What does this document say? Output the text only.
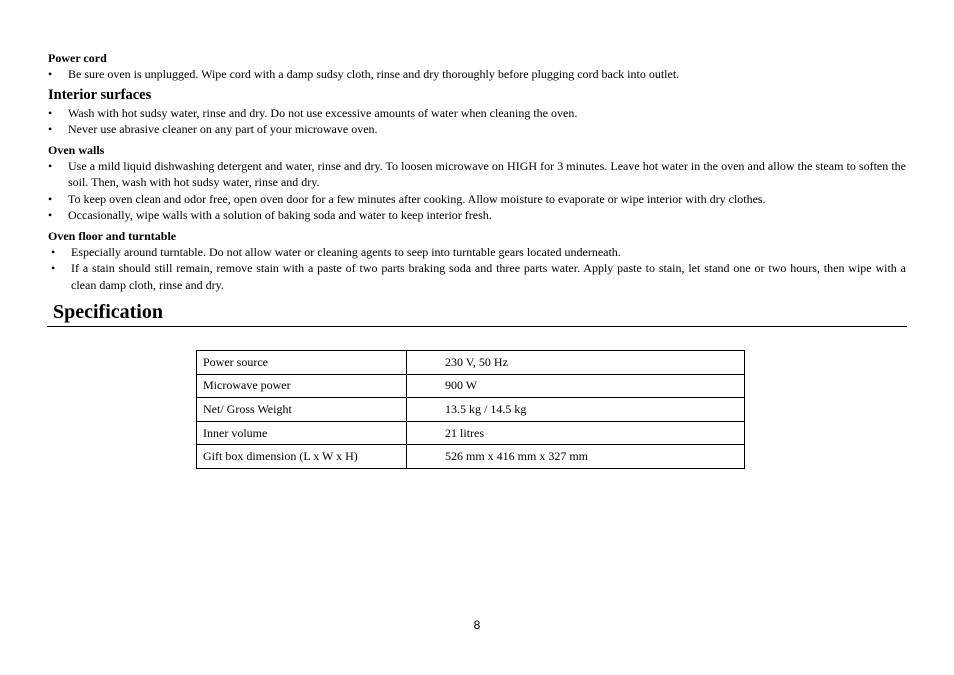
Power cord

• Be sure oven is unplugged. Wipe cord with a damp sudsy cloth, rinse and dry thoroughly before plugging cord back into outlet.

Interior surfaces

• Wash with hot sudsy water, rinse and dry. Do not use excessive amounts of water when cleaning the oven.
• Never use abrasive cleaner on any part of your microwave oven.

Oven walls

• Use a mild liquid dishwashing detergent and water, rinse and dry. To loosen microwave on HIGH for 3 minutes. Leave hot water in the oven and allow the steam to soften the soil. Then, wash with hot sudsy water, rinse and dry.
• To keep oven clean and odor free, open oven door for a few minutes after cooking. Allow moisture to evaporate or wipe interior with dry clothes.
• Occasionally, wipe walls with a solution of baking soda and water to keep interior fresh.

Oven floor and turntable

• Especially around turntable. Do not allow water or cleaning agents to seep into turntable gears located underneath.
• If a stain should still remain, remove stain with a paste of two parts braking soda and three parts water. Apply paste to stain, let stand one or two hours, then wipe with a clean damp cloth, rinse and dry.
Specification
Power source	230 V, 50 Hz
Microwave power	900 W
Net/ Gross Weight	13.5 kg / 14.5 kg
Inner volume	21 litres
Gift box dimension (L x W x H)	526 mm x 416 mm x 327 mm
8
